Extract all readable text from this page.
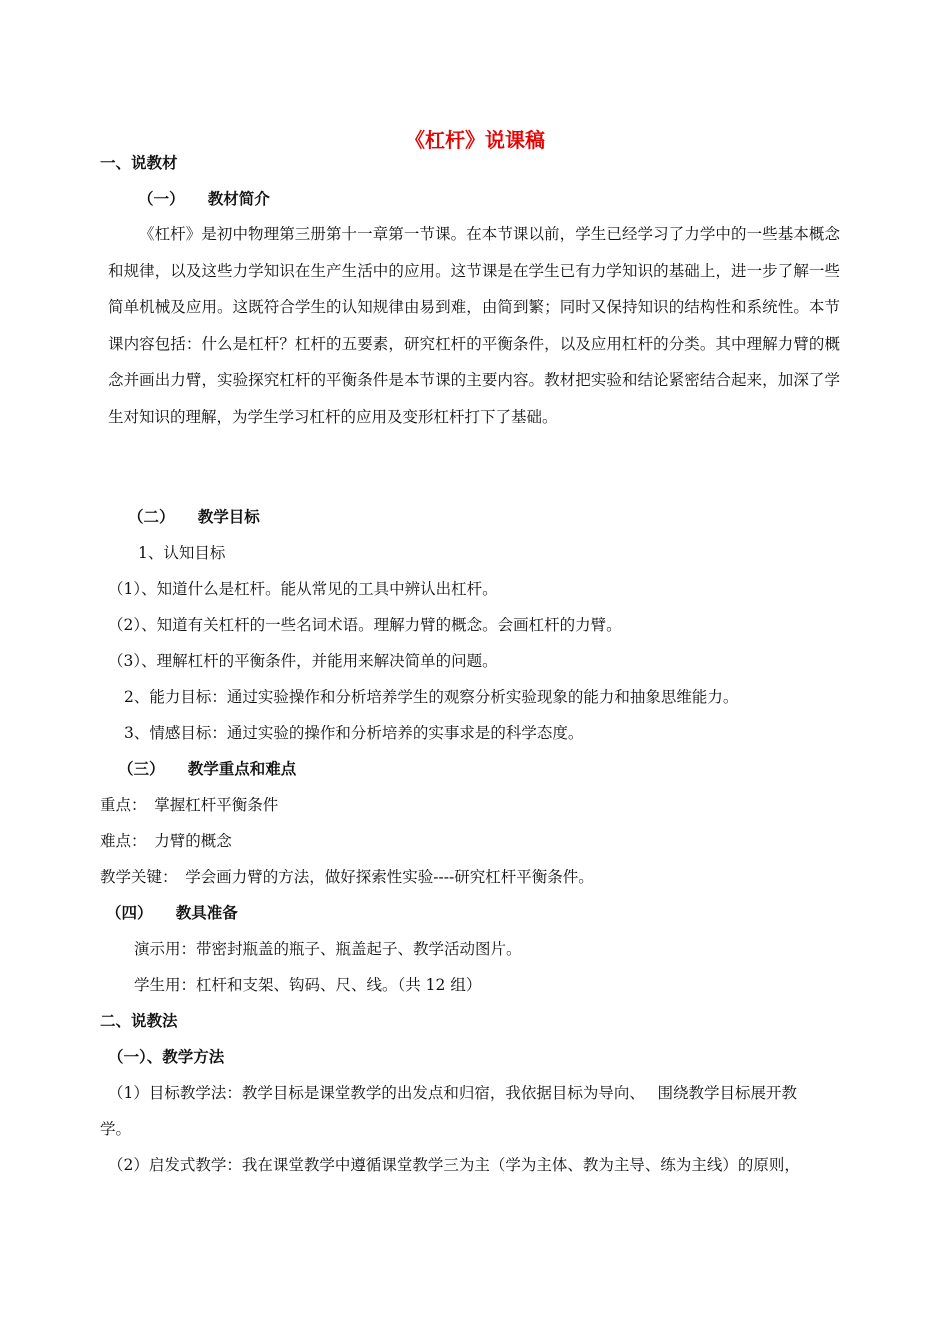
《杠杆》说课稿
一、说教材
（一）　　教材简介
《杠杆》是初中物理第三册第十一章第一节课。在本节课以前，学生已经学习了力学中的一些基本概念和规律，以及这些力学知识在生产生活中的应用。这节课是在学生已有力学知识的基础上，进一步了解一些简单机械及应用。这既符合学生的认知规律由易到难，由简到繁；同时又保持知识的结构性和系统性。本节课内容包括：什么是杠杆？杠杆的五要素，研究杠杆的平衡条件，以及应用杠杆的分类。其中理解力臂的概念并画出力臂，实验探究杠杆的平衡条件是本节课的主要内容。教材把实验和结论紧密结合起来，加深了学生对知识的理解，为学生学习杠杆的应用及变形杠杆打下了基础。
（二）　　教学目标
1、认知目标
（1）、知道什么是杠杆。能从常见的工具中辨认出杠杆。
（2）、知道有关杠杆的一些名词术语。理解力臂的概念。会画杠杆的力臂。
（3）、理解杠杆的平衡条件，并能用来解决简单的问题。
2、能力目标：通过实验操作和分析培养学生的观察分析实验现象的能力和抽象思维能力。
3、情感目标：通过实验的操作和分析培养的实事求是的科学态度。
（三）　　教学重点和难点
重点：　掌握杠杆平衡条件
难点：　力臂的概念
教学关键：　学会画力臂的方法，做好探索性实验----研究杠杆平衡条件。
（四）　　教具准备
演示用：带密封瓶盖的瓶子、瓶盖起子、教学活动图片。
学生用：杠杆和支架、钩码、尺、线。（共 12 组）
二、说教法
（一）、教学方法
（1）目标教学法：教学目标是课堂教学的出发点和归宿，我依据目标为导向、　 围绕教学目标展开教
学。
（2）启发式教学：我在课堂教学中遵循课堂教学三为主（学为主体、教为主导、练为主线）的原则，
